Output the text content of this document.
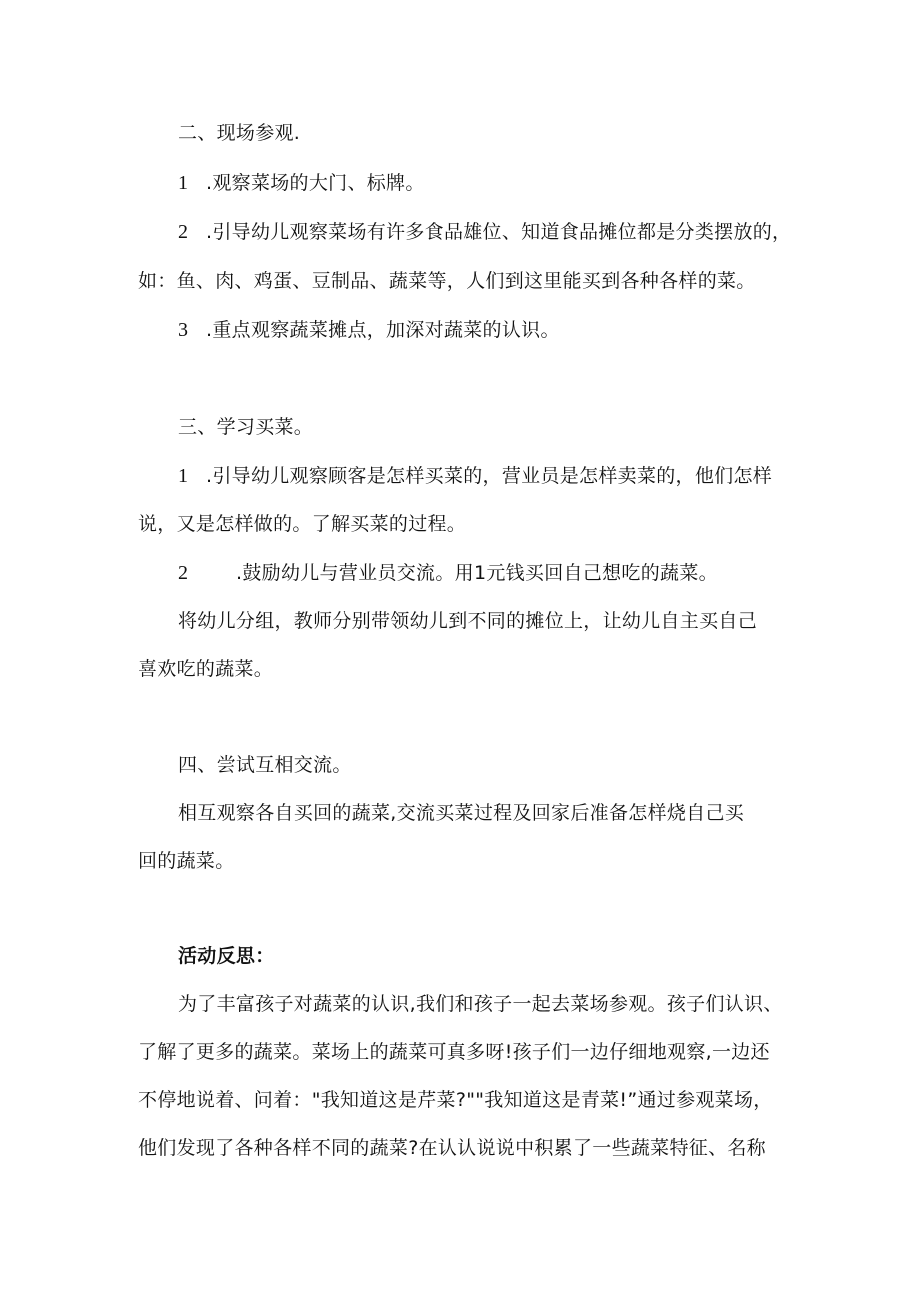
二、现场参观.
1 .观察菜场的大门、标牌。
2 .引导幼儿观察菜场有许多食品雄位、知道食品摊位都是分类摆放的，
如：鱼、肉、鸡蛋、豆制品、蔬菜等，人们到这里能买到各种各样的菜。
3 .重点观察蔬菜摊点，加深对蔬菜的认识。
三、学习买菜。
1 .引导幼儿观察顾客是怎样买菜的，营业员是怎样卖菜的，他们怎样
说，又是怎样做的。了解买菜的过程。
2	.鼓励幼儿与营业员交流。用1元钱买回自己想吃的蔬菜。
将幼儿分组，教师分别带领幼儿到不同的摊位上，让幼儿自主买自己
喜欢吃的蔬菜。
四、尝试互相交流。
相互观察各自买回的蔬菜,交流买菜过程及回家后准备怎样烧自己买
回的蔬菜。
活动反思：
为了丰富孩子对蔬菜的认识,我们和孩子一起去菜场参观。孩子们认识、
了解了更多的蔬菜。菜场上的蔬菜可真多呀!孩子们一边仔细地观察,一边还
不停地说着、问着："我知道这是芹菜?""我知道这是青菜!”通过参观菜场，
他们发现了各种各样不同的蔬菜?在认认说说中积累了一些蔬菜特征、名称
